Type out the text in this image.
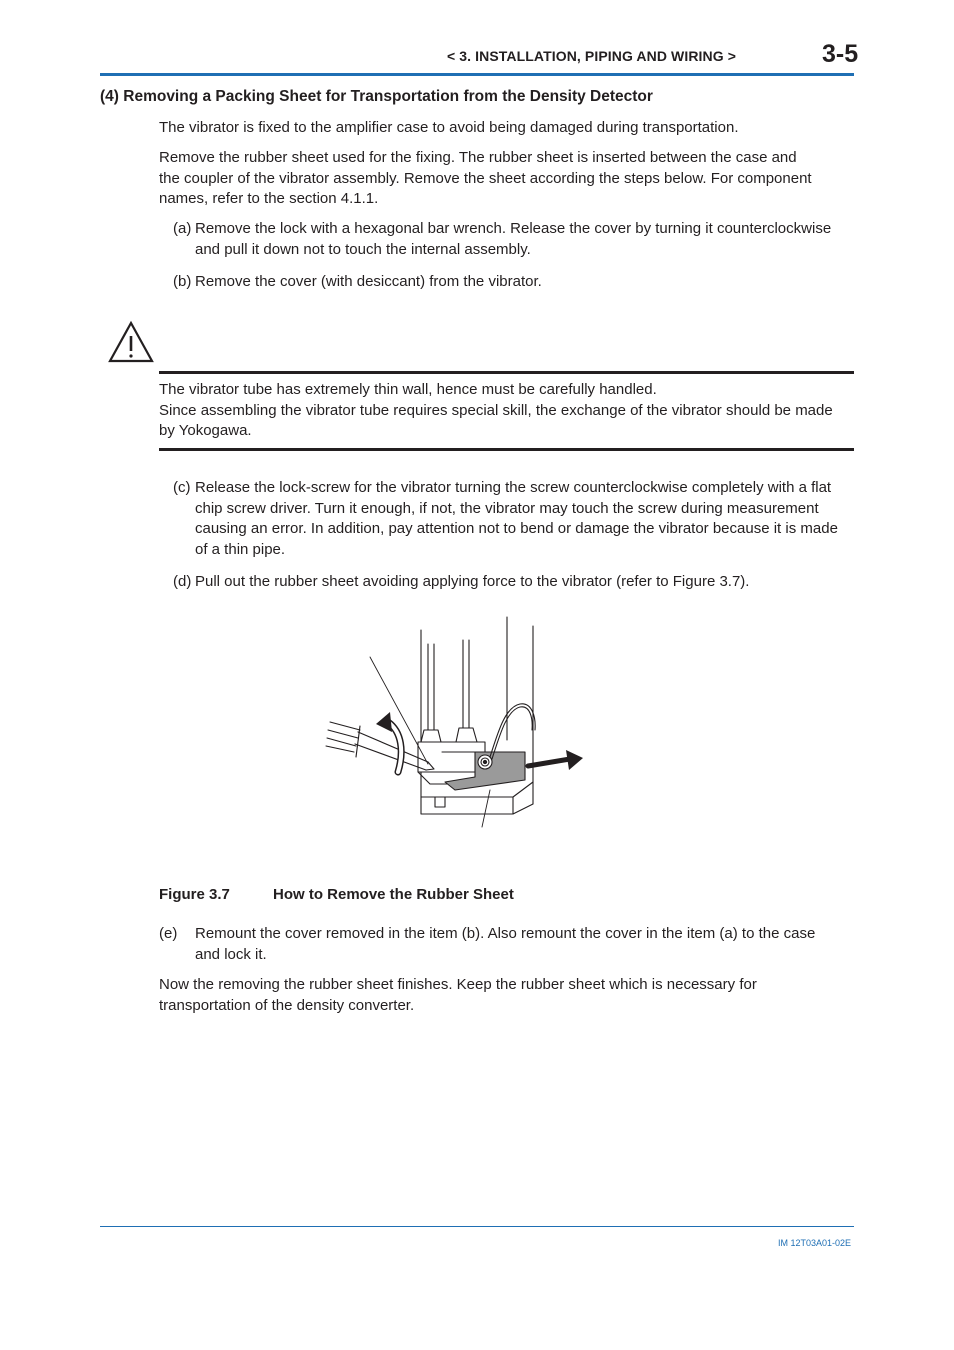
< 3. INSTALLATION, PIPING AND WIRING >	3-5
(4) Removing a Packing Sheet for Transportation from the Density Detector

The vibrator is fixed to the amplifier case to avoid being damaged during transportation.

Remove the rubber sheet used for the fixing. The rubber sheet is inserted between the case and
the coupler of the vibrator assembly. Remove the sheet according the steps below. For component
names, refer to the section 4.1.1.

(a) Remove the lock with a hexagonal bar wrench. Release the cover by turning it counterclockwise
and pull it down not to touch the internal assembly.
(b) Remove the cover (with desiccant) from the vibrator.

The vibrator tube has extremely thin wall, hence must be carefully handled.
Since assembling the vibrator tube requires special skill, the exchange of the vibrator should be made
by Yokogawa.

(c) Release the lock-screw for the vibrator turning the screw counterclockwise completely with a flat
chip screw driver. Turn it enough, if not, the vibrator may touch the screw during measurement
causing an error. In addition, pay attention not to bend or damage the vibrator because it is made
of a thin pipe.
(d) Pull out the rubber sheet avoiding applying force to the vibrator (refer to Figure 3.7).
Figure 3.7	How to Remove the Rubber Sheet
(e) Remount the cover removed in the item (b). Also remount the cover in the item (a) to the case
and lock it.

Now the removing the rubber sheet finishes. Keep the rubber sheet which is necessary for
transportation of the density converter.

IM 12T03A01-02E
